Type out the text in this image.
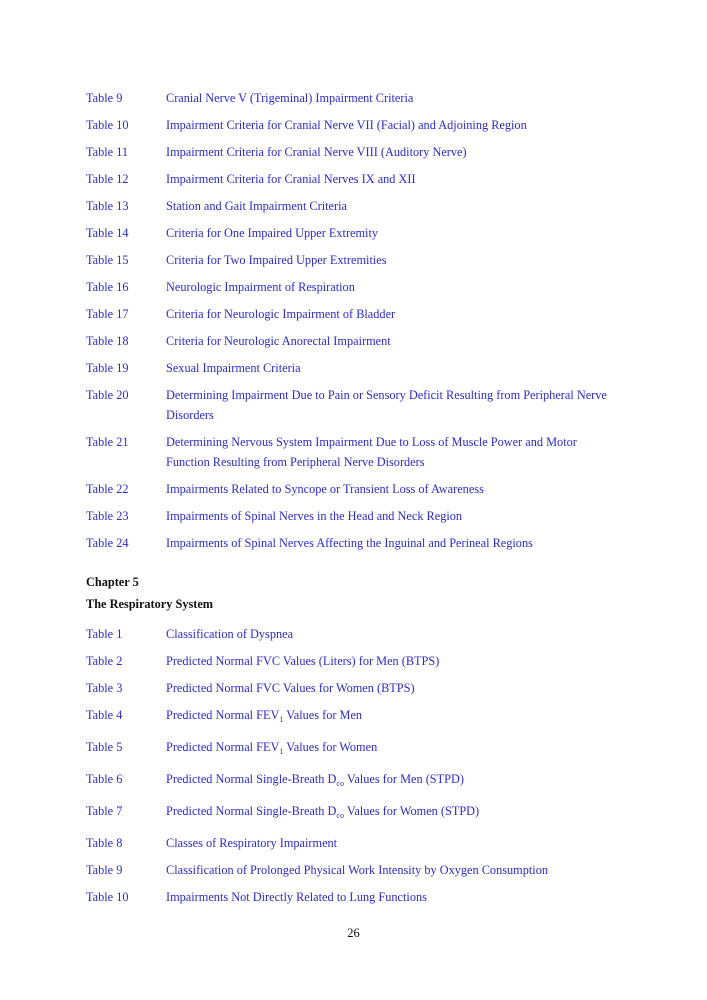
Table 9	Cranial Nerve V (Trigeminal) Impairment Criteria
Table 10	Impairment Criteria for Cranial Nerve VII (Facial) and Adjoining Region
Table 11	Impairment Criteria for Cranial Nerve VIII (Auditory Nerve)
Table 12	Impairment Criteria for Cranial Nerves IX and XII
Table 13	Station and Gait Impairment Criteria
Table 14	Criteria for One Impaired Upper Extremity
Table 15	Criteria for Two Impaired Upper Extremities
Table 16	Neurologic Impairment of Respiration
Table 17	Criteria for Neurologic Impairment of Bladder
Table 18	Criteria for Neurologic Anorectal Impairment
Table 19	Sexual Impairment Criteria
Table 20	Determining Impairment Due to Pain or Sensory Deficit Resulting from Peripheral Nerve
Disorders
Table 21	Determining Nervous System Impairment Due to Loss of Muscle Power and Motor
Function Resulting from Peripheral Nerve Disorders
Table 22	Impairments Related to Syncope or Transient Loss of Awareness
Table 23	Impairments of Spinal Nerves in the Head and Neck Region
Table 24	Impairments of Spinal Nerves Affecting the Inguinal and Perineal Regions
Chapter 5
The Respiratory System
Table 1	Classification of Dyspnea
Table 2	Predicted Normal FVC Values (Liters) for Men (BTPS)
Table 3	Predicted Normal FVC Values for Women (BTPS)
Table 4	Predicted Normal $FEV_1$ Values for Men
Table 5	Predicted Normal $FEV_1$ Values for Women
Table 6	Predicted Normal Single-Breath $D_{co}$ Values for Men (STPD)
Table 7	Predicted Normal Single-Breath $D_{co}$ Values for Women (STPD)
Table 8	Classes of Respiratory Impairment
Table 9	Classification of Prolonged Physical Work Intensity by Oxygen Consumption
Table 10	Impairments Not Directly Related to Lung Functions
26
